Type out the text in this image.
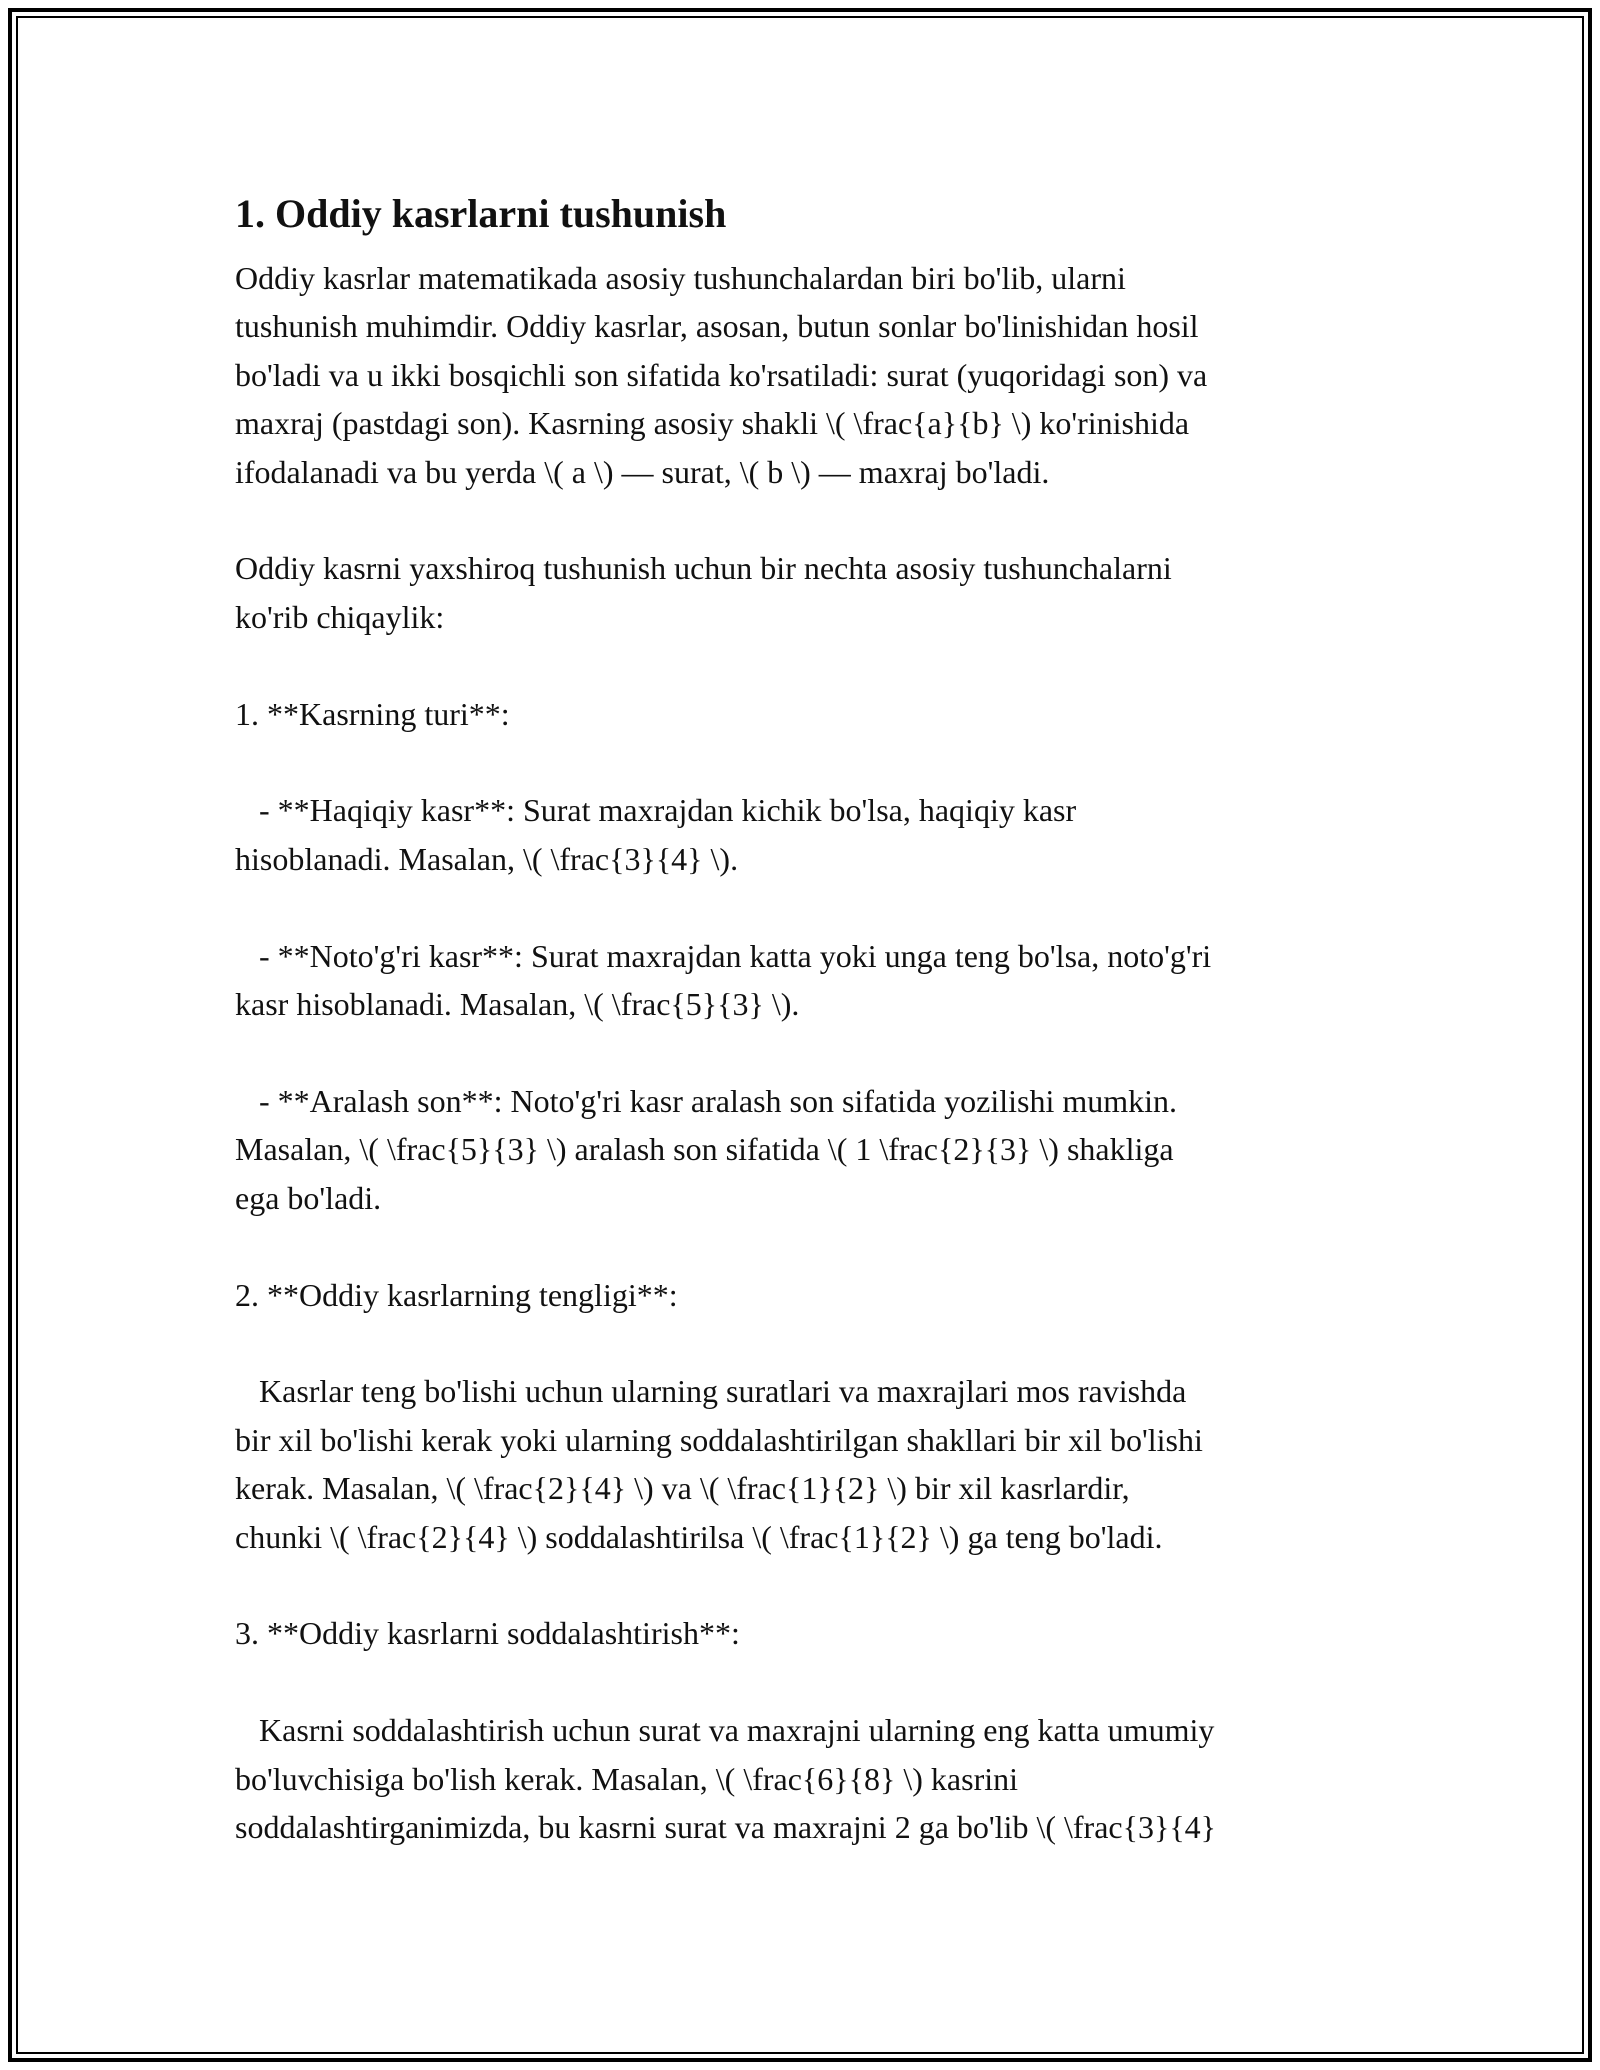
1. Oddiy kasrlarni tushunish

Oddiy kasrlar matematikada asosiy tushunchalardan biri bo'lib, ularni
tushunish muhimdir. Oddiy kasrlar, asosan, butun sonlar bo'linishidan hosil
bo'ladi va u ikki bosqichli son sifatida ko'rsatiladi: surat (yuqoridagi son) va
maxraj (pastdagi son). Kasrning asosiy shakli \( \frac{a}{b} \) ko'rinishida
ifodalanadi va bu yerda \( a \) — surat, \( b \) — maxraj bo'ladi.

Oddiy kasrni yaxshiroq tushunish uchun bir nechta asosiy tushunchalarni
ko'rib chiqaylik:

1. **Kasrning turi**:

- **Haqiqiy kasr**: Surat maxrajdan kichik bo'lsa, haqiqiy kasr
hisoblanadi. Masalan, \( \frac{3}{4} \).

- **Noto'g'ri kasr**: Surat maxrajdan katta yoki unga teng bo'lsa, noto'g'ri
kasr hisoblanadi. Masalan, \( \frac{5}{3} \).

- **Aralash son**: Noto'g'ri kasr aralash son sifatida yozilishi mumkin.
Masalan, \( \frac{5}{3} \) aralash son sifatida \( 1 \frac{2}{3} \) shakliga
ega bo'ladi.

2. **Oddiy kasrlarning tengligi**:

Kasrlar teng bo'lishi uchun ularning suratlari va maxrajlari mos ravishda
bir xil bo'lishi kerak yoki ularning soddalashtirilgan shakllari bir xil bo'lishi
kerak. Masalan, \( \frac{2}{4} \) va \( \frac{1}{2} \) bir xil kasrlardir,
chunki \( \frac{2}{4} \) soddalashtirilsa \( \frac{1}{2} \) ga teng bo'ladi.

3. **Oddiy kasrlarni soddalashtirish**:

Kasrni soddalashtirish uchun surat va maxrajni ularning eng katta umumiy
bo'luvchisiga bo'lish kerak. Masalan, \( \frac{6}{8} \) kasrini
soddalashtirganimizda, bu kasrni surat va maxrajni 2 ga bo'lib \( \frac{3}{4}
